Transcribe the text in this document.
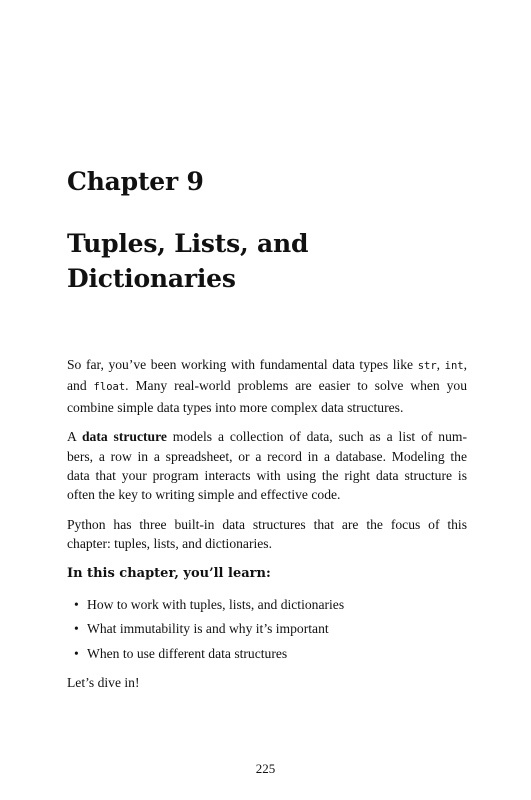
Chapter 9
Tuples, Lists, and
Dictionaries

So far, you’ve been working with fundamental data types like str, int,
and float. Many real-world problems are easier to solve when you
combine simple data types into more complex data structures.

A data structure models a collection of data, such as a list of num-
bers, a row in a spreadsheet, or a record in a database. Modeling the
data that your program interacts with using the right data structure is
often the key to writing simple and effective code.

Python has three built-in data structures that are the focus of this
chapter: tuples, lists, and dictionaries.

In this chapter, you’ll learn:

• How to work with tuples, lists, and dictionaries
• What immutability is and why it’s important
• When to use different data structures

Let’s dive in!

225
